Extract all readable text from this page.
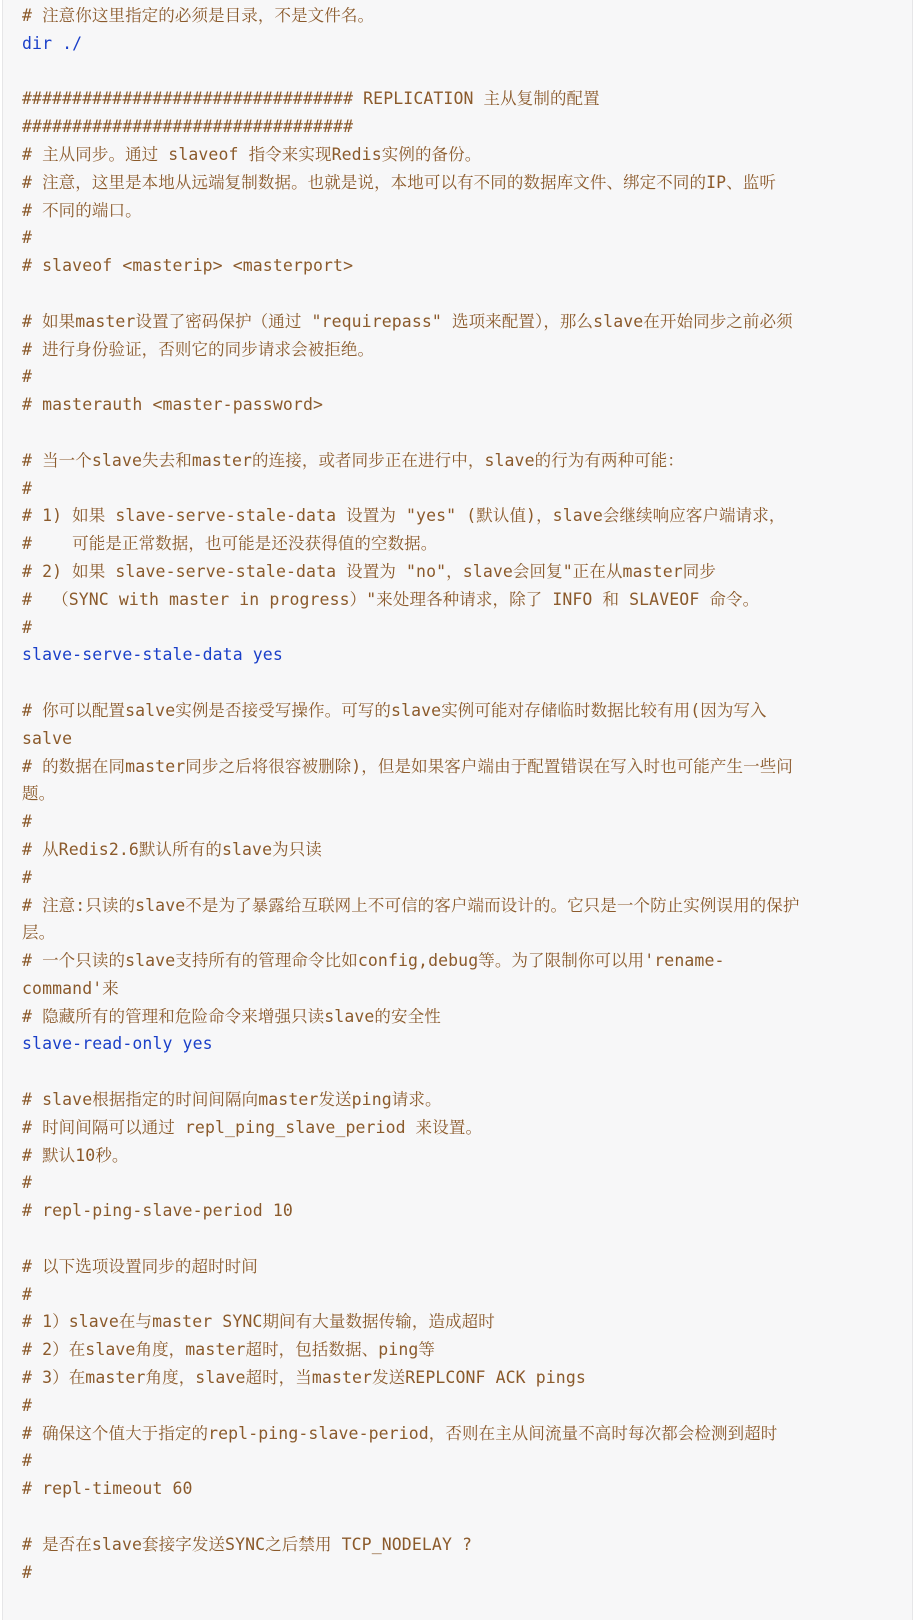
# 注意你这里指定的必须是目录，不是文件名。
dir ./
################################# REPLICATION 主从复制的配置
#################################
# 主从同步。通过 slaveof 指令来实现Redis实例的备份。
# 注意，这里是本地从远端复制数据。也就是说，本地可以有不同的数据库文件、绑定不同的IP、监听
# 不同的端口。
#
# slaveof <masterip> <masterport>
# 如果master设置了密码保护（通过 "requirepass" 选项来配置），那么slave在开始同步之前必须
# 进行身份验证，否则它的同步请求会被拒绝。
#
# masterauth <master-password>
# 当一个slave失去和master的连接，或者同步正在进行中，slave的行为有两种可能：
#
# 1) 如果 slave-serve-stale-data 设置为 "yes" (默认值)，slave会继续响应客户端请求，
#    可能是正常数据，也可能是还没获得值的空数据。
# 2) 如果 slave-serve-stale-data 设置为 "no"，slave会回复"正在从master同步
#  （SYNC with master in progress）"来处理各种请求，除了 INFO 和 SLAVEOF 命令。
#
slave-serve-stale-data yes
# 你可以配置salve实例是否接受写操作。可写的slave实例可能对存储临时数据比较有用(因为写入
salve
# 的数据在同master同步之后将很容被删除)，但是如果客户端由于配置错误在写入时也可能产生一些问
题。
#
# 从Redis2.6默认所有的slave为只读
#
# 注意:只读的slave不是为了暴露给互联网上不可信的客户端而设计的。它只是一个防止实例误用的保护
层。
# 一个只读的slave支持所有的管理命令比如config,debug等。为了限制你可以用'rename-
command'来
# 隐藏所有的管理和危险命令来增强只读slave的安全性
slave-read-only yes
# slave根据指定的时间间隔向master发送ping请求。
# 时间间隔可以通过 repl_ping_slave_period 来设置。
# 默认10秒。
#
# repl-ping-slave-period 10
# 以下选项设置同步的超时时间
#
# 1）slave在与master SYNC期间有大量数据传输，造成超时
# 2）在slave角度，master超时，包括数据、ping等
# 3）在master角度，slave超时，当master发送REPLCONF ACK pings
#
# 确保这个值大于指定的repl-ping-slave-period，否则在主从间流量不高时每次都会检测到超时
#
# repl-timeout 60
# 是否在slave套接字发送SYNC之后禁用 TCP_NODELAY ?
#
